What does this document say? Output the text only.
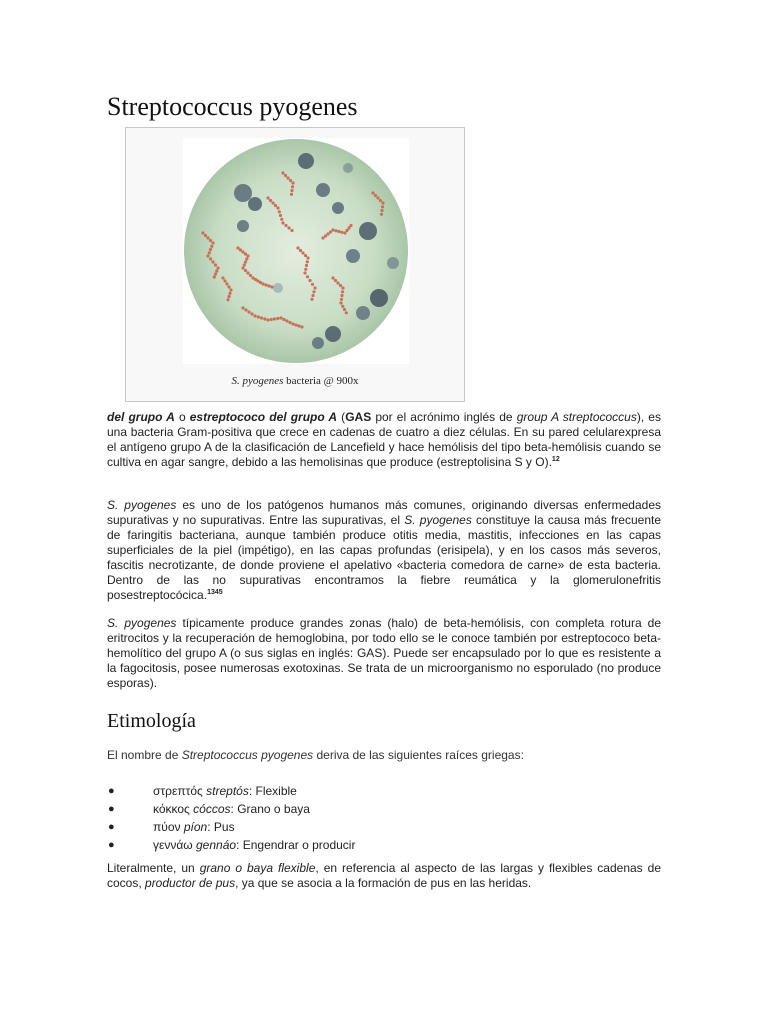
Streptococcus pyogenes
S. pyogenes bacteria @ 900x

del grupo A o estreptococo del grupo A (GAS por el acrónimo inglés de group A streptococcus), es una bacteria Gram-positiva que crece en cadenas de cuatro a diez células. En su pared celularexpresa el antígeno grupo A de la clasificación de Lancefield y hace hemólisis del tipo beta-hemólisis cuando se cultiva en agar sangre, debido a las hemolisinas que produce (estreptolisina S y O).$^{12}$

S. pyogenes es uno de los patógenos humanos más comunes, originando diversas enfermedades supurativas y no supurativas. Entre las supurativas, el S. pyogenes constituye la causa más frecuente de faringitis bacteriana, aunque también produce otitis media, mastitis, infecciones en las capas superficiales de la piel (impétigo), en las capas profundas (erisipela), y en los casos más severos, fascitis necrotizante, de donde proviene el apelativo «bacteria comedora de carne» de esta bacteria. Dentro de las no supurativas encontramos la fiebre reumática y la glomerulonefritis posestreptocócica.$^{1345}$

S. pyogenes típicamente produce grandes zonas (halo) de beta-hemólisis, con completa rotura de eritrocitos y la recuperación de hemoglobina, por todo ello se le conoce también por estreptococo beta-hemolítico del grupo A (o sus siglas en inglés: GAS). Puede ser encapsulado por lo que es resistente a la fagocitosis, posee numerosas exotoxinas. Se trata de un microorganismo no esporulado (no produce esporas).

Etimología
El nombre de Streptococcus pyogenes deriva de las siguientes raíces griegas:
●	στρεπτός streptós: Flexible
●	κόκκος cóccos: Grano o baya
●	πύον píon: Pus
●	γεννάω gennáo: Engendrar o producir

Literalmente, un grano o baya flexible, en referencia al aspecto de las largas y flexibles cadenas de cocos, productor de pus, ya que se asocia a la formación de pus en las heridas.
